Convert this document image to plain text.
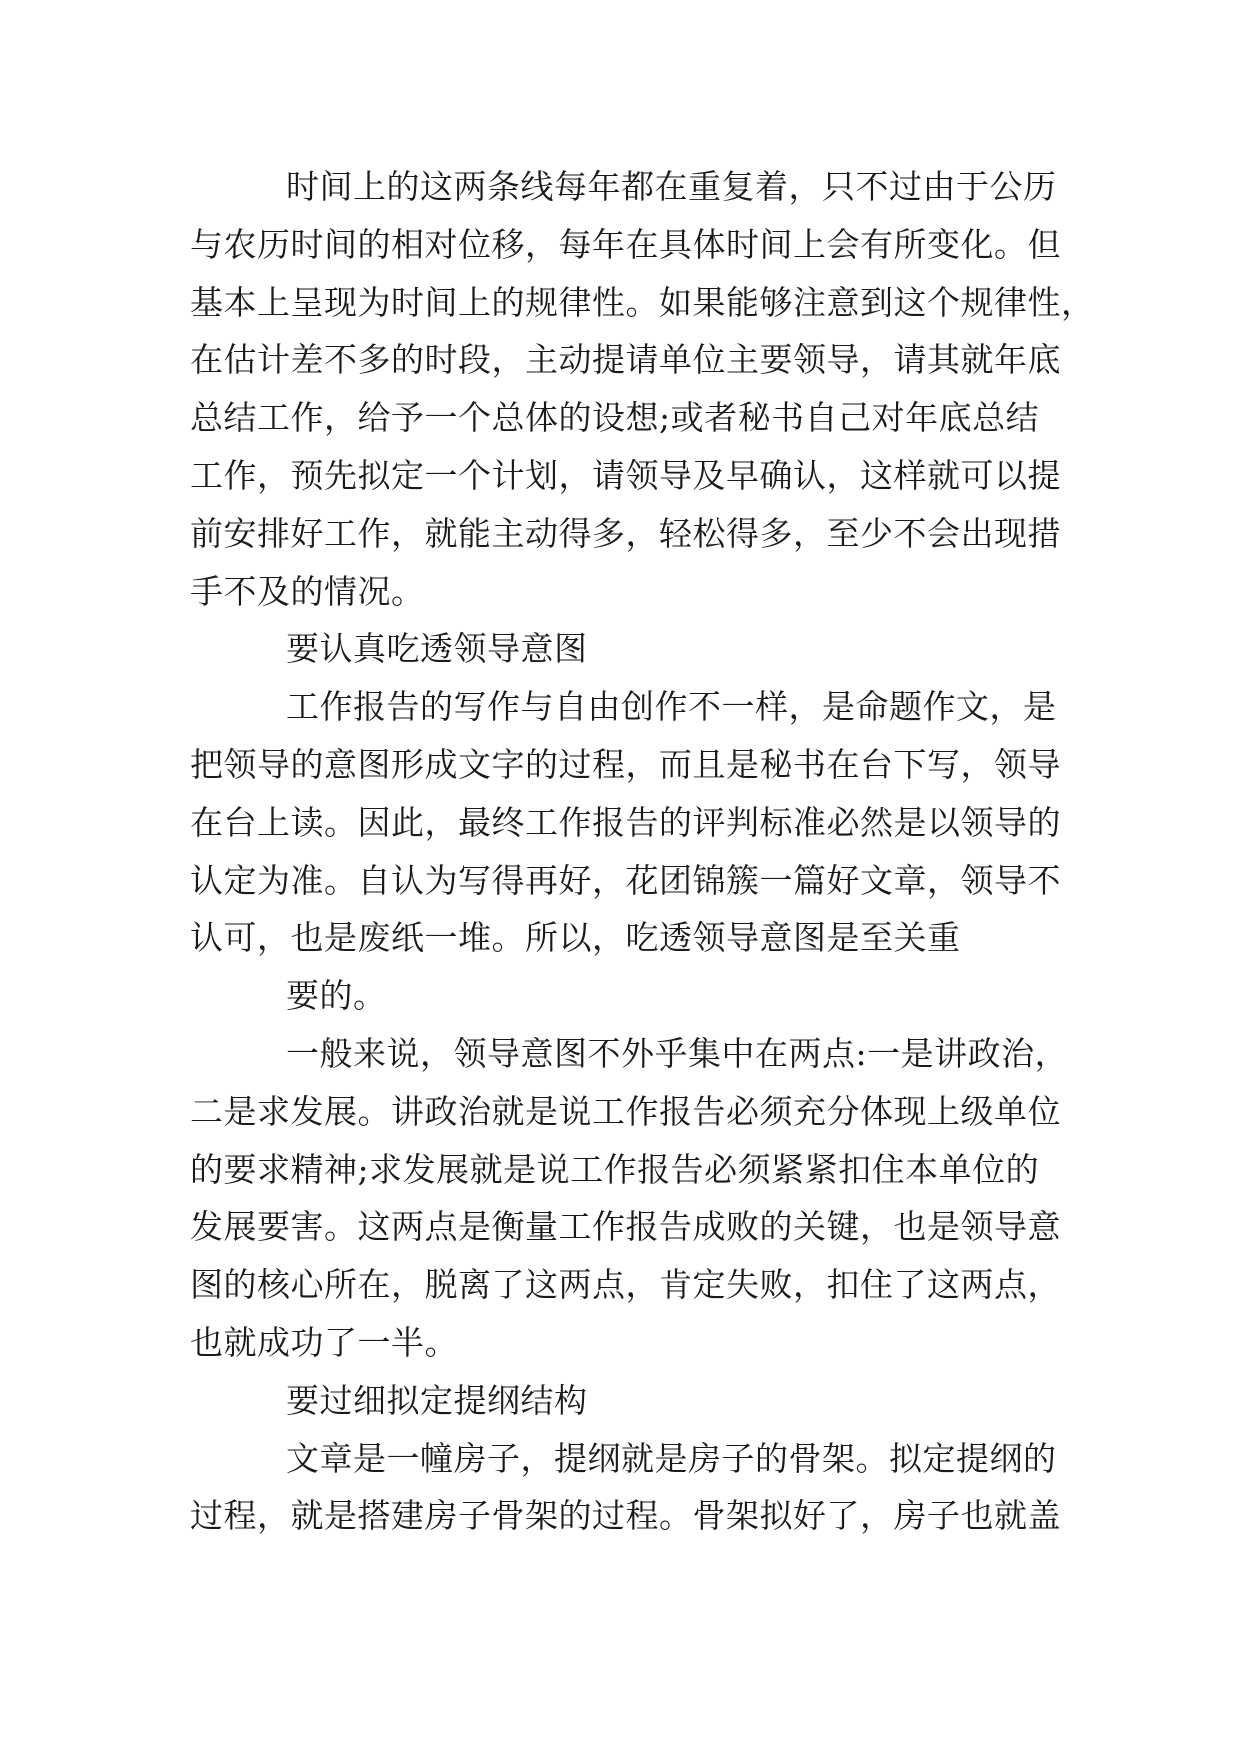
时间上的这两条线每年都在重复着，只不过由于公历
与农历时间的相对位移，每年在具体时间上会有所变化。但
基本上呈现为时间上的规律性。如果能够注意到这个规律性，
在估计差不多的时段，主动提请单位主要领导，请其就年底
总结工作，给予一个总体的设想;或者秘书自己对年底总结
工作，预先拟定一个计划，请领导及早确认，这样就可以提
前安排好工作，就能主动得多，轻松得多，至少不会出现措
手不及的情况。
要认真吃透领导意图
工作报告的写作与自由创作不一样，是命题作文，是
把领导的意图形成文字的过程，而且是秘书在台下写，领导
在台上读。因此，最终工作报告的评判标准必然是以领导的
认定为准。自认为写得再好，花团锦簇一篇好文章，领导不
认可，也是废纸一堆。所以，吃透领导意图是至关重
要的。
一般来说，领导意图不外乎集中在两点:一是讲政治，
二是求发展。讲政治就是说工作报告必须充分体现上级单位
的要求精神;求发展就是说工作报告必须紧紧扣住本单位的
发展要害。这两点是衡量工作报告成败的关键，也是领导意
图的核心所在，脱离了这两点，肯定失败，扣住了这两点，
也就成功了一半。
要过细拟定提纲结构
文章是一幢房子，提纲就是房子的骨架。拟定提纲的
过程，就是搭建房子骨架的过程。骨架拟好了，房子也就盖
